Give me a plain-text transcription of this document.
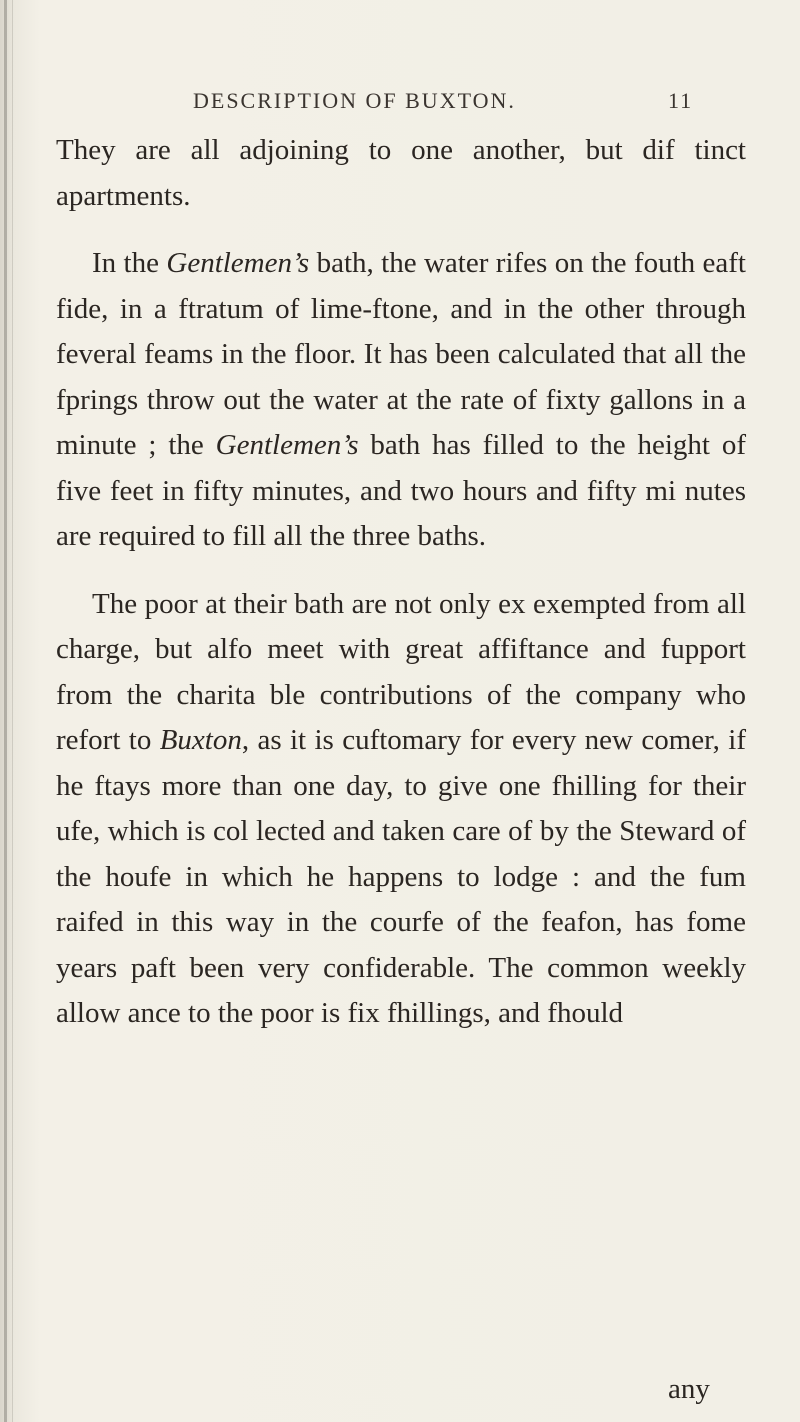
DESCRIPTION OF BUXTON.	11

They are all adjoining to one another, but dif tinct apartments.

In the Gentlemen’s bath, the water rifes on the fouth eaft fide, in a ftratum of lime-ftone, and in the other through feveral feams in the floor. It has been calculated that all the fprings throw out the water at the rate of fixty gallons in a minute ; the Gentlemen’s bath has filled to the height of five feet in fifty minutes, and two hours and fifty mi nutes are required to fill all the three baths.

The poor at their bath are not only ex exempted from all charge, but alfo meet with great affiftance and fupport from the charita ble contributions of the company who refort to Buxton, as it is cuftomary for every new comer, if he ftays more than one day, to give one fhilling for their ufe, which is col lected and taken care of by the Steward of the houfe in which he happens to lodge : and the fum raifed in this way in the courfe of the feafon, has fome years paft been very confiderable. The common weekly allow ance to the poor is fix fhillings, and fhould

any
